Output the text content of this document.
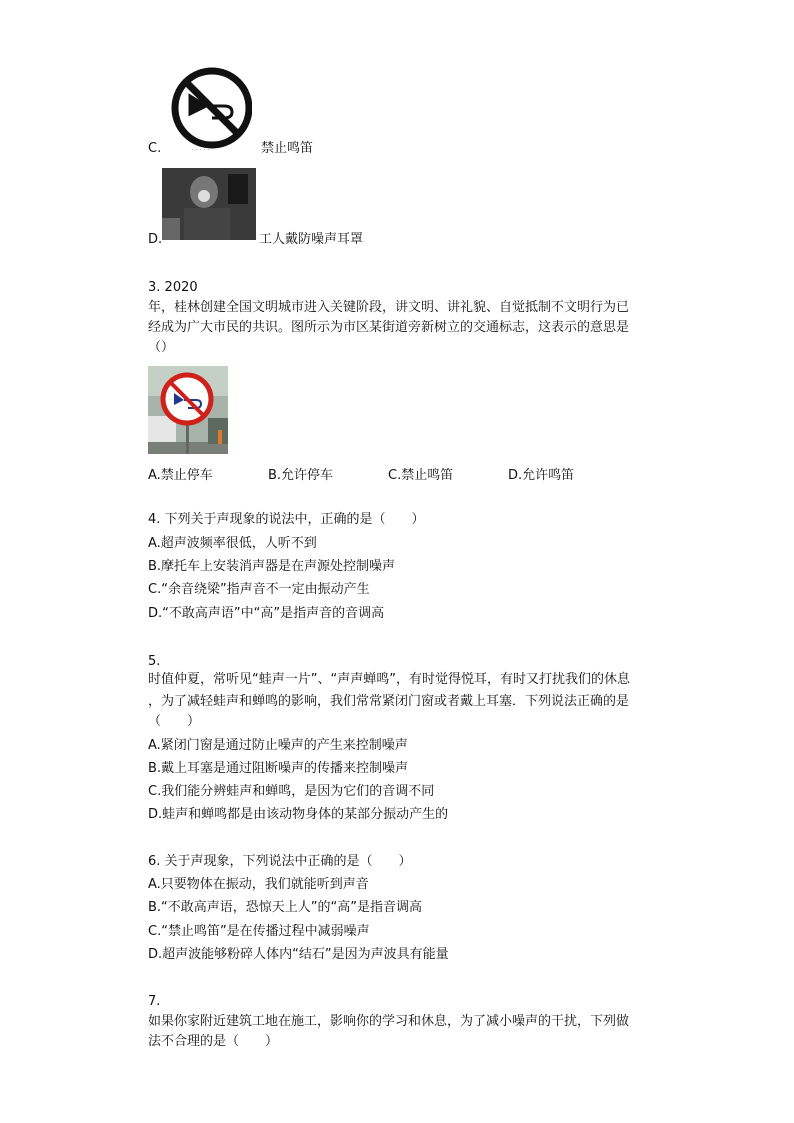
· · · · ·
C.	禁止鸣笛
D.	工人戴防噪声耳罩
3. 2020
年，桂林创建全国文明城市进入关键阶段，讲文明、讲礼貌、自觉抵制不文明行为已
经成为广大市民的共识。图所示为市区某街道旁新树立的交通标志，这表示的意思是
（）
A.禁止停车	B.允许停车	C.禁止鸣笛	D.允许鸣笛
4. 下列关于声现象的说法中，正确的是（　　）
A.超声波频率很低，人听不到
B.摩托车上安装消声器是在声源处控制噪声
C.“余音绕梁”指声音不一定由振动产生
D.“不敢高声语”中“高”是指声音的音调高
5.
时值仲夏，常听见“蛙声一片”、“声声蝉鸣”，有时觉得悦耳，有时又打扰我们的休息
，为了减轻蛙声和蝉鸣的影响，我们常常紧闭门窗或者戴上耳塞．下列说法正确的是
（　　）
A.紧闭门窗是通过防止噪声的产生来控制噪声
B.戴上耳塞是通过阻断噪声的传播来控制噪声
C.我们能分辨蛙声和蝉鸣，是因为它们的音调不同
D.蛙声和蝉鸣都是由该动物身体的某部分振动产生的
6. 关于声现象，下列说法中正确的是（　　）
A.只要物体在振动，我们就能听到声音
B.“不敢高声语，恐惊天上人”的“高”是指音调高
C.“禁止鸣笛”是在传播过程中减弱噪声
D.超声波能够粉碎人体内“结石”是因为声波具有能量
7.
如果你家附近建筑工地在施工，影响你的学习和休息，为了减小噪声的干扰，下列做
法不合理的是（　　）
